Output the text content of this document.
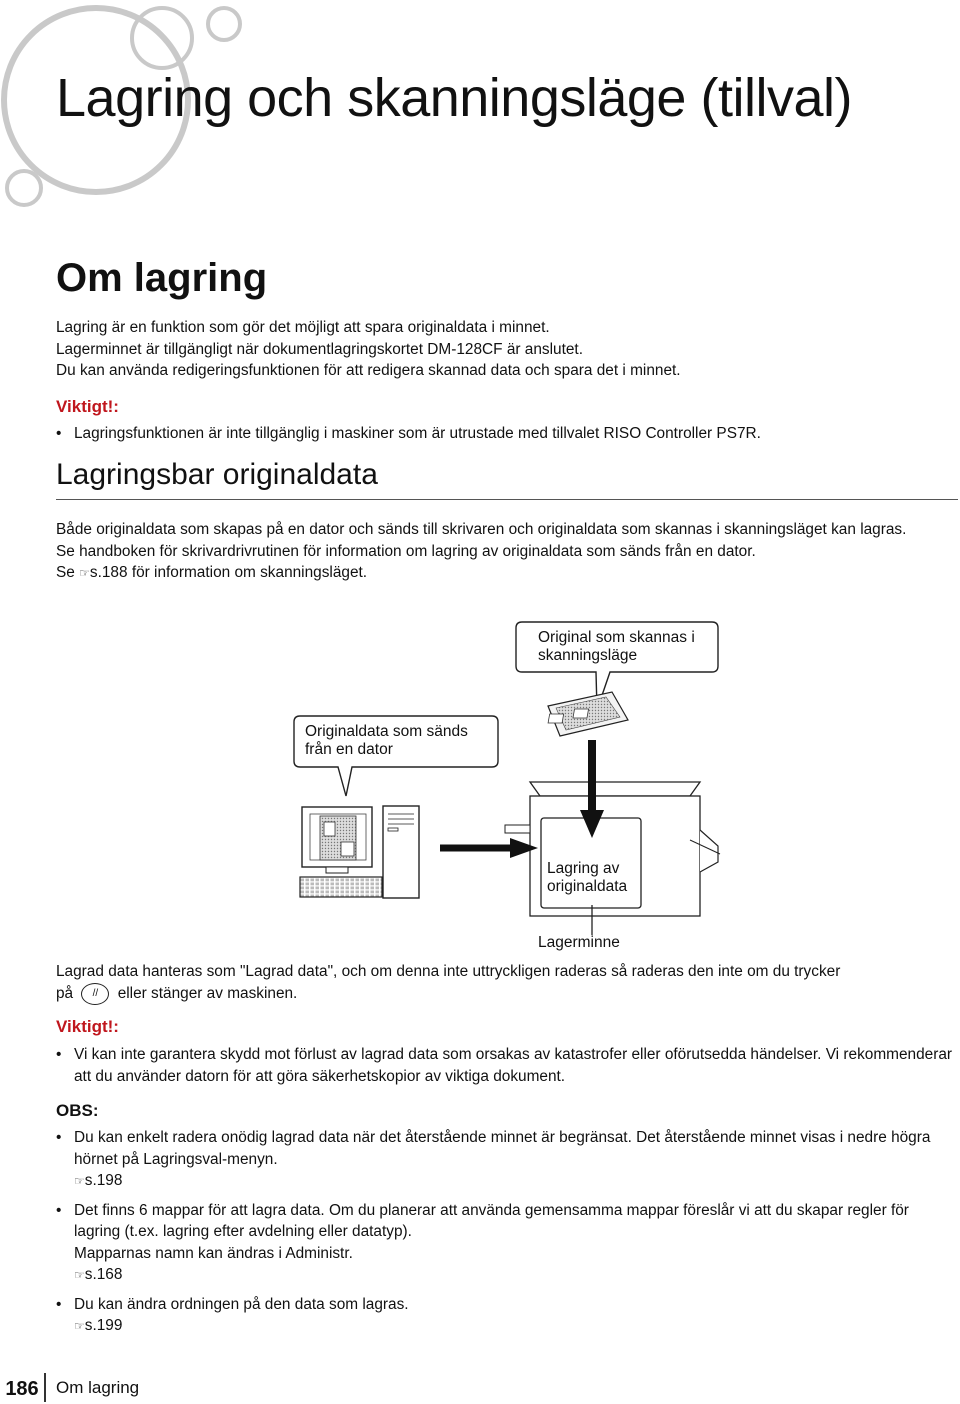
Lagring och skanningsläge (tillval)
Om lagring

Lagring är en funktion som gör det möjligt att spara originaldata i minnet.

Lagerminnet är tillgängligt när dokumentlagringskortet DM-128CF är anslutet.

Du kan använda redigeringsfunktionen för att redigera skannad data och spara det i minnet.

Viktigt!:
• Lagringsfunktionen är inte tillgänglig i maskiner som är utrustade med tillvalet RISO Controller PS7R.
Lagringsbar originaldata

Både originaldata som skapas på en dator och sänds till skrivaren och originaldata som skannas i skanningsläget kan lagras.

Se handboken för skrivardrivrutinen för information om lagring av originaldata som sänds från en dator.

Se ☞s.188 för information om skanningsläget.

Original som skannas i
skanningsläge
Originaldata som sänds
från en dator
Lagring av
originaldata
Lagerminne

Lagrad data hanteras som "Lagrad data", och om denna inte uttryckligen raderas så raderas den inte om du trycker

på // eller stänger av maskinen.

Viktigt!:
• Vi kan inte garantera skydd mot förlust av lagrad data som orsakas av katastrofer eller oförutsedda händelser. Vi rekommenderar att du använder datorn för att göra säkerhetskopior av viktiga dokument.
OBS:
• Du kan enkelt radera onödig lagrad data när det återstående minnet är begränsat. Det återstående minnet visas i nedre högra hörnet på Lagringsval-menyn.
☞s.198
• Det finns 6 mappar för att lagra data. Om du planerar att använda gemensamma mappar föreslår vi att du skapar regler för lagring (t.ex. lagring efter avdelning eller datatyp).
Mapparnas namn kan ändras i Administr.
☞s.168
• Du kan ändra ordningen på den data som lagras.
☞s.199
186	Om lagring
